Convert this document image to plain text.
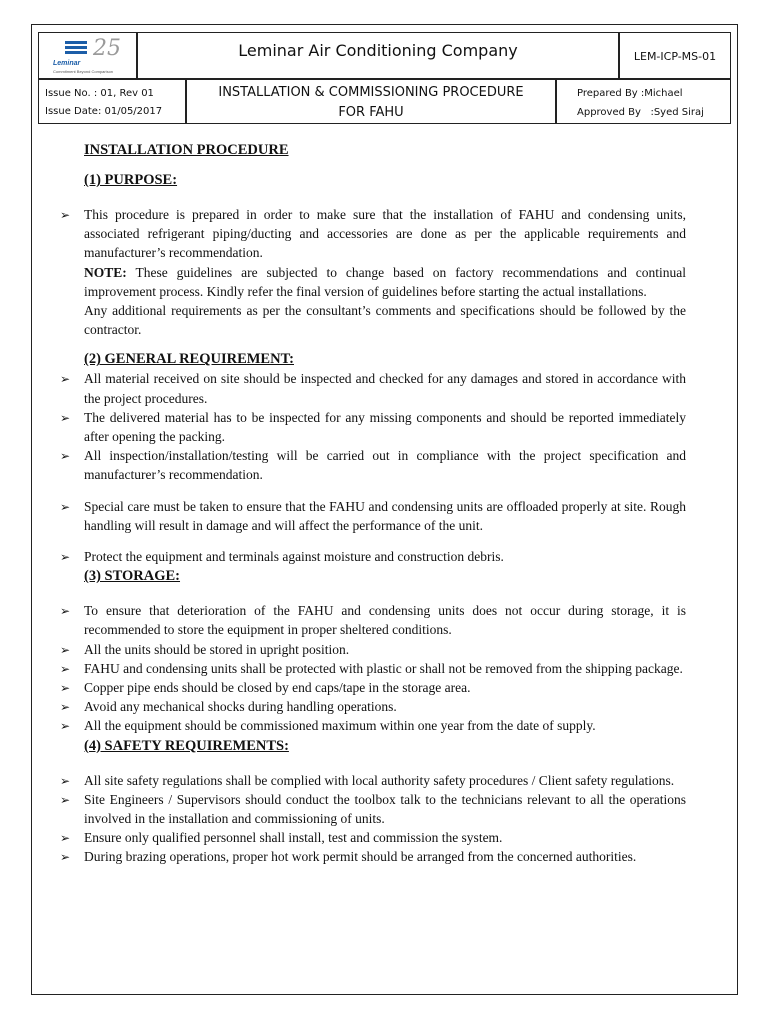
25
Leminar
Commitment Beyond Comparison
Leminar Air Conditioning Company	LEM-ICP-MS-01
Issue No. : 01, Rev 01
Issue Date: 01/05/2017
INSTALLATION & COMMISSIONING PROCEDURE
FOR FAHU
Prepared By :Michael
Approved By   :Syed Siraj
INSTALLATION PROCEDURE
(1) PURPOSE:
➢
This procedure is prepared in order to make sure that the installation of FAHU and condensing units, associated refrigerant piping/ducting and accessories are done as per the applicable requirements and manufacturer’s recommendation.

NOTE: These guidelines are subjected to change based on factory recommendations and continual improvement process. Kindly refer the final version of guidelines before starting the actual installations.

Any additional requirements as per the consultant’s comments and specifications should be followed by the contractor.

(2) GENERAL REQUIREMENT:
➢
All material received on site should be inspected and checked for any damages and stored in accordance with the project procedures.
➢
The delivered material has to be inspected for any missing components and should be reported immediately after opening the packing.
➢
All inspection/installation/testing will be carried out in compliance with the project specification and manufacturer’s recommendation.
➢
Special care must be taken to ensure that the FAHU and condensing units are offloaded properly at site. Rough handling will result in damage and will affect the performance of the unit.
➢
Protect the equipment and terminals against moisture and construction debris.
(3) STORAGE:
➢
To ensure that deterioration of the FAHU and condensing units does not occur during storage, it is recommended to store the equipment in proper sheltered conditions.
➢
All the units should be stored in upright position.
➢
FAHU and condensing units shall be protected with plastic or shall not be removed from the shipping package.
➢
Copper pipe ends should be closed by end caps/tape in the storage area.
➢
Avoid any mechanical shocks during handling operations.
➢
All the equipment should be commissioned maximum within one year from the date of supply.
(4) SAFETY REQUIREMENTS:
➢
All site safety regulations shall be complied with local authority safety procedures / Client safety regulations.
➢
Site Engineers / Supervisors should conduct the toolbox talk to the technicians relevant to all the operations involved in the installation and commissioning of units.
➢
Ensure only qualified personnel shall install, test and commission the system.
➢
During brazing operations, proper hot work permit should be arranged from the concerned authorities.
